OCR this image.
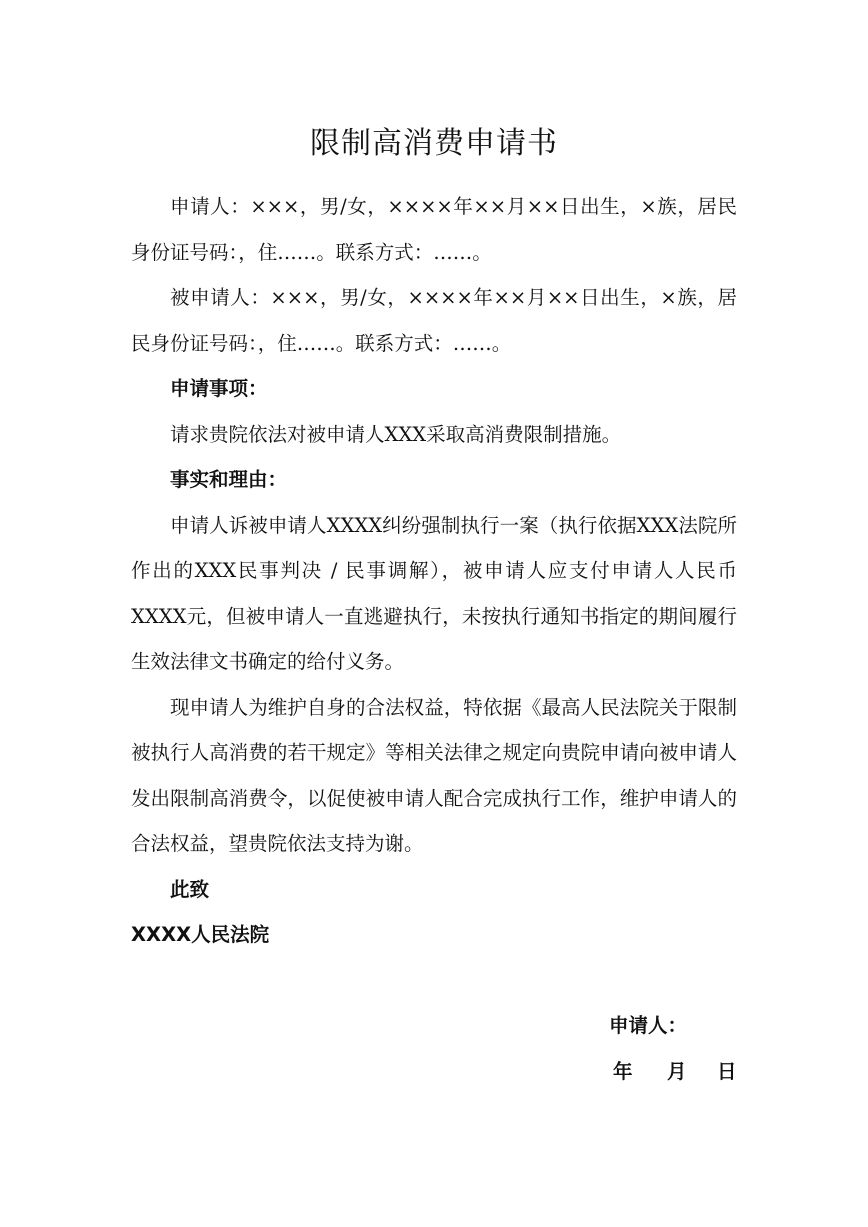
限制高消费申请书

申请人：×××，男/女，××××年××月××日出生，×族，居民身份证号码：，住……。联系方式：……。

被申请人：×××，男/女，××××年××月××日出生，×族，居民身份证号码：，住……。联系方式：……。

申请事项：

请求贵院依法对被申请人XXX采取高消费限制措施。

事实和理由：

申请人诉被申请人XXXX纠纷强制执行一案（执行依据XXX法院所作出的XXX民事判决 / 民事调解），被申请人应支付申请人人民币XXXX元，但被申请人一直逃避执行，未按执行通知书指定的期间履行生效法律文书确定的给付义务。

现申请人为维护自身的合法权益，特依据《最高人民法院关于限制被执行人高消费的若干规定》等相关法律之规定向贵院申请向被申请人发出限制高消费令，以促使被申请人配合完成执行工作，维护申请人的合法权益，望贵院依法支持为谢。

此致

XXXX人民法院

申请人：
年 月 日
